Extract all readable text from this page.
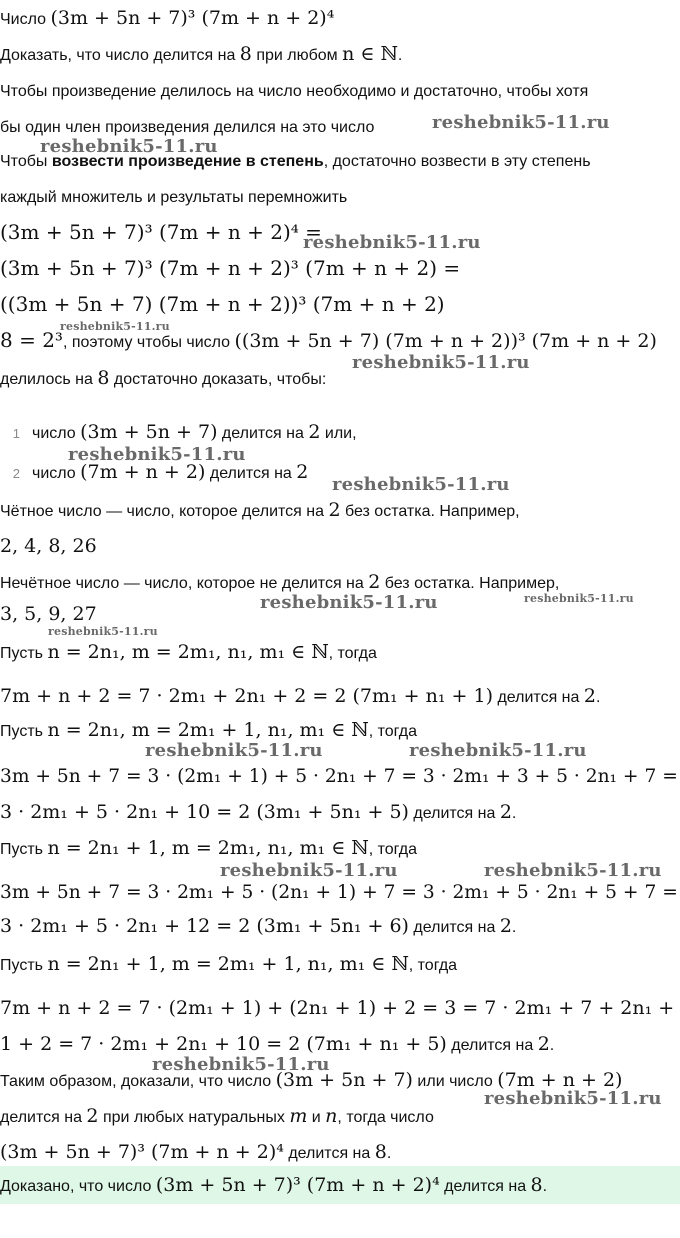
Число (3m + 5n + 7)³ (7m + n + 2)⁴

Доказать, что число делится на 8 при любом n ∈ ℕ.

Чтобы произведение делилось на число необходимо и достаточно, чтобы хотя

бы один член произведения делился на это число

Чтобы возвести произведение в степень, достаточно возвести в эту степень

каждый множитель и результаты перемножить

(3m + 5n + 7)³ (7m + n + 2)⁴ =

(3m + 5n + 7)³ (7m + n + 2)³ (7m + n + 2) =

((3m + 5n + 7) (7m + n + 2))³ (7m + n + 2)

8 = 2³, поэтому чтобы число ((3m + 5n + 7) (7m + n + 2))³ (7m + n + 2)

делилось на 8 достаточно доказать, чтобы:

1 число (3m + 5n + 7) делится на 2 или,

2 число (7m + n + 2) делится на 2

Чётное число — число, которое делится на 2 без остатка. Например,

2, 4, 8, 26

Нечётное число — число, которое не делится на 2 без остатка. Например,

3, 5, 9, 27

Пусть n = 2n₁, m = 2m₁, n₁, m₁ ∈ ℕ, тогда

7m + n + 2 = 7 · 2m₁ + 2n₁ + 2 = 2 (7m₁ + n₁ + 1) делится на 2.

Пусть n = 2n₁, m = 2m₁ + 1, n₁, m₁ ∈ ℕ, тогда

3m + 5n + 7 = 3 · (2m₁ + 1) + 5 · 2n₁ + 7 = 3 · 2m₁ + 3 + 5 · 2n₁ + 7 =

3 · 2m₁ + 5 · 2n₁ + 10 = 2 (3m₁ + 5n₁ + 5) делится на 2.

Пусть n = 2n₁ + 1, m = 2m₁, n₁, m₁ ∈ ℕ, тогда

3m + 5n + 7 = 3 · 2m₁ + 5 · (2n₁ + 1) + 7 = 3 · 2m₁ + 5 · 2n₁ + 5 + 7 =

3 · 2m₁ + 5 · 2n₁ + 12 = 2 (3m₁ + 5n₁ + 6) делится на 2.

Пусть n = 2n₁ + 1, m = 2m₁ + 1, n₁, m₁ ∈ ℕ, тогда

7m + n + 2 = 7 · (2m₁ + 1) + (2n₁ + 1) + 2 = 3 = 7 · 2m₁ + 7 + 2n₁ +

1 + 2 = 7 · 2m₁ + 2n₁ + 10 = 2 (7m₁ + n₁ + 5) делится на 2.

Таким образом, доказали, что число (3m + 5n + 7) или число (7m + n + 2)

делится на 2 при любых натуральных m и n, тогда число

(3m + 5n + 7)³ (7m + n + 2)⁴ делится на 8.

Доказано, что число (3m + 5n + 7)³ (7m + n + 2)⁴ делится на 8.

reshebnik5-11.ru
reshebnik5-11.ru
reshebnik5-11.ru
reshebnik5-11.ru
reshebnik5-11.ru
reshebnik5-11.ru
reshebnik5-11.ru
reshebnik5-11.ru	reshebnik5-11.ru
reshebnik5-11.ru
reshebnik5-11.ru	reshebnik5-11.ru
reshebnik5-11.ru	reshebnik5-11.ru
reshebnik5-11.ru
reshebnik5-11.ru
